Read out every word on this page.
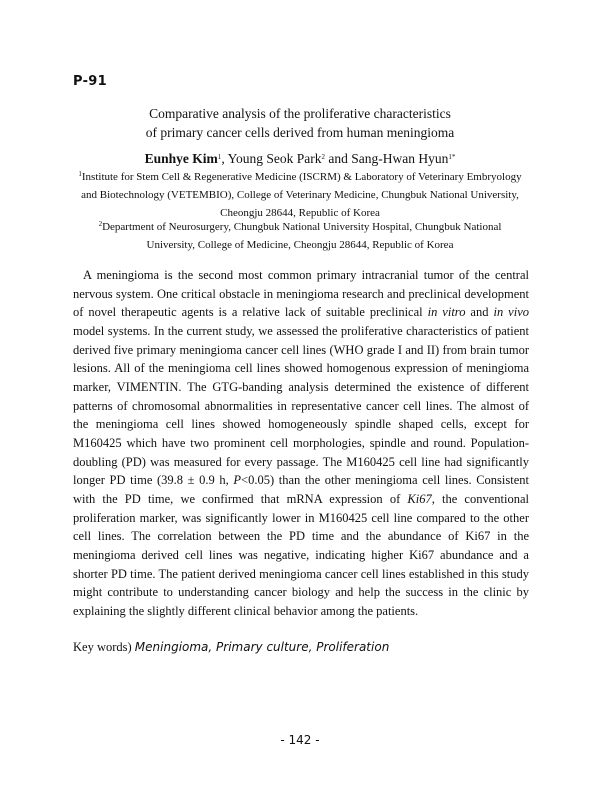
P-91
Comparative analysis of the proliferative characteristics
of primary cancer cells derived from human meningioma
Eunhye Kim$^1$, Young Seok Park$^2$ and Sang-Hwan Hyun$^{1*}$
$^1$Institute for Stem Cell & Regenerative Medicine (ISCRM) & Laboratory of Veterinary Embryology and Biotechnology (VETEMBIO), College of Veterinary Medicine, Chungbuk National University, Cheongju 28644, Republic of Korea
$^2$Department of Neurosurgery, Chungbuk National University Hospital, Chungbuk National University, College of Medicine, Cheongju 28644, Republic of Korea

A meningioma is the second most common primary intracranial tumor of the central nervous system. One critical obstacle in meningioma research and preclinical development of novel therapeutic agents is a relative lack of suitable preclinical in vitro and in vivo model systems. In the current study, we assessed the proliferative characteristics of patient derived five primary meningioma cancer cell lines (WHO grade I and II) from brain tumor lesions. All of the meningioma cell lines showed homogenous expression of meningioma marker, VIMENTIN. The GTG-banding analysis determined the existence of different patterns of chromosomal abnormalities in representative cancer cell lines. The almost of the meningioma cell lines showed homogeneously spindle shaped cells, except for M160425 which have two prominent cell morphologies, spindle and round. Population-doubling (PD) was measured for every passage. The M160425 cell line had significantly longer PD time (39.8 ± 0.9 h, P<0.05) than the other meningioma cell lines. Consistent with the PD time, we confirmed that mRNA expression of Ki67, the conventional proliferation marker, was significantly lower in M160425 cell line compared to the other cell lines. The correlation between the PD time and the abundance of Ki67 in the meningioma derived cell lines was negative, indicating higher Ki67 abundance and a shorter PD time. The patient derived meningioma cancer cell lines established in this study might contribute to understanding cancer biology and help the success in the clinic by explaining the slightly different clinical behavior among the patients.

Key words) Meningioma, Primary culture, Proliferation
- 142 -
